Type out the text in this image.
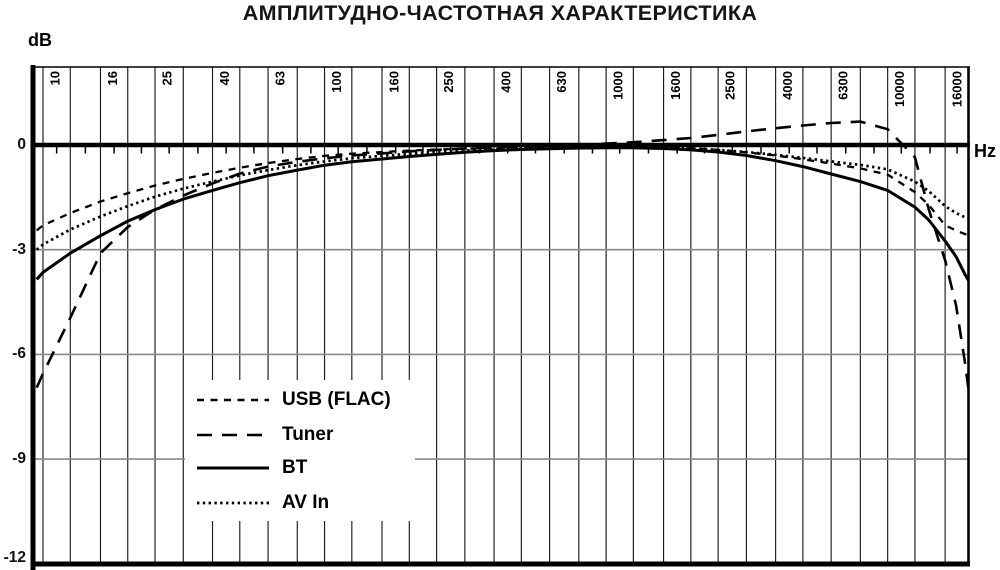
АМПЛИТУДНО-ЧАСТОТНАЯ ХАРАКТЕРИСТИКА
dB
Hz
10	16	25	40	63	100	160	250	400	630	1000	1600	2500	4000	6300	10000	16000
0
-3
-6
-9
-12
USB (FLAC)
Tuner
BT
AV In
